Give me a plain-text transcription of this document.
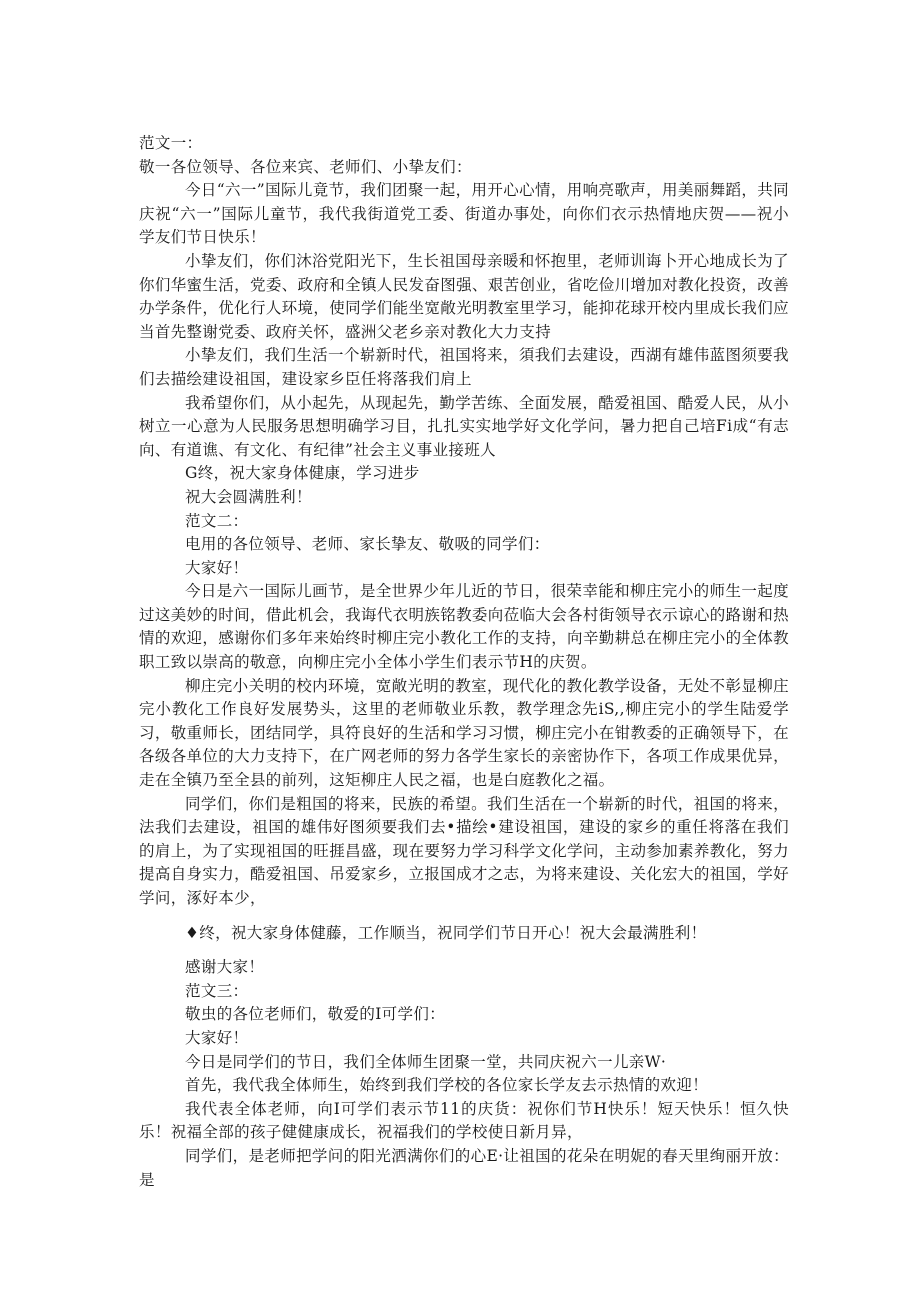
范文一：
敬一各位领导、各位来宾、老师们、小挚友们：

今日“六一”国际儿竟节，我们团聚一起，用开心心情，用响亮歌声，用美丽舞蹈，共同庆祝“六一”国际儿童节，我代我街道党工委、街道办事处，向你们衣示热情地庆贺——祝小学友们节日快乐！

小挚友们，你们沐浴党阳光下，生长祖国母亲暖和怀抱里，老师训诲卜开心地成长为了你们华蜜生活，党委、政府和全镇人民发奋图强、艰苦创业，省吃俭川增加对教化投资，改善办学条件，优化行人环境，使同学们能坐宽敞光明教室里学习，能抑花球开校内里成长我们应当首先整谢党委、政府关怀，盛洲父老乡亲对教化大力支持

小挚友们，我们生活一个崭新时代，祖国将来，須我们去建设，西湖有雄伟蓝图须要我们去描绘建设祖国，建设家乡臣任将落我们肩上

我希望你们，从小起先，从现起先，勤学苦练、全面发展，酷爱祖国、酷爱人民，从小树立一心意为人民服务思想明确学习目，扎扎实实地学好文化学问，暑力把自己培Fi成“有志向、有道谯、有文化、有纪律”社会主义事业接班人

G终，祝大家身体健康，学习进步
祝大会圆满胜利！
范文二：
电用的各位领导、老师、家长挚友、敬吸的同学们：
大家好！

今日是六一国际儿画节，是全世界少年儿近的节日，很荣幸能和柳庄完小的师生一起度过这美妙的时间，借此机会，我诲代衣明族铭教委向莅临大会各村街领导衣示谅心的路谢和热情的欢迎，感谢你们多年来始终时柳庄完小教化工作的支持，向辛勤耕总在柳庄完小的全体教职工致以崇高的敬意，向柳庄完小全体小学生们表示节H的庆贺。

柳庄完小关明的校内环境，宽敞光明的教室，现代化的教化教学设备，无处不彰显柳庄完小教化工作良好发展势头，这里的老师敬业乐教，教学理念先iS,,柳庄完小的学生陆爱学习，敬重师长，团结同学，具符良好的生活和学习习惯，柳庄完小在钳教委的正确领导下，在各级各单位的大力支持下，在广网老师的努力各学生家长的亲密协作下，各项工作成果优异，走在全镇乃至全县的前列，这矩柳庄人民之福，也是白庭教化之福。

同学们，你们是粗国的将来，民族的希望。我们生活在一个崭新的时代，祖国的将来，法我们去建设，祖国的雄伟好图须要我们去•描绘•建设祖国，建设的家乡的重任将落在我们的肩上，为了实现祖国的旺捱昌盛，现在要努力学习科学文化学问，主动参加素养教化，努力提高自身实力，酷爱祖国、吊爱家乡，立报国成才之志，为将来建设、关化宏大的祖国，学好学问，涿好本少，

♦终，祝大家身体健藤，工作顺当，祝同学们节日开心！祝大会最满胜利！

感谢大家！
范文三：
敬虫的各位老师们，敬爱的I可学们：
大家好！

今日是同学们的节日，我们全体师生团聚一堂，共同庆祝六一儿亲W·

首先，我代我全体师生，始终到我们学校的各位家长学友去示热情的欢迎！

我代表全体老师，向I可学们表示节11的庆货：祝你们节H快乐！短天快乐！恒久快乐！祝福全部的孩子健健康成长，祝福我们的学校使日新月异，

同学们，是老师把学问的阳光洒满你们的心E·让祖国的花朵在明妮的春天里绚丽开放：是
